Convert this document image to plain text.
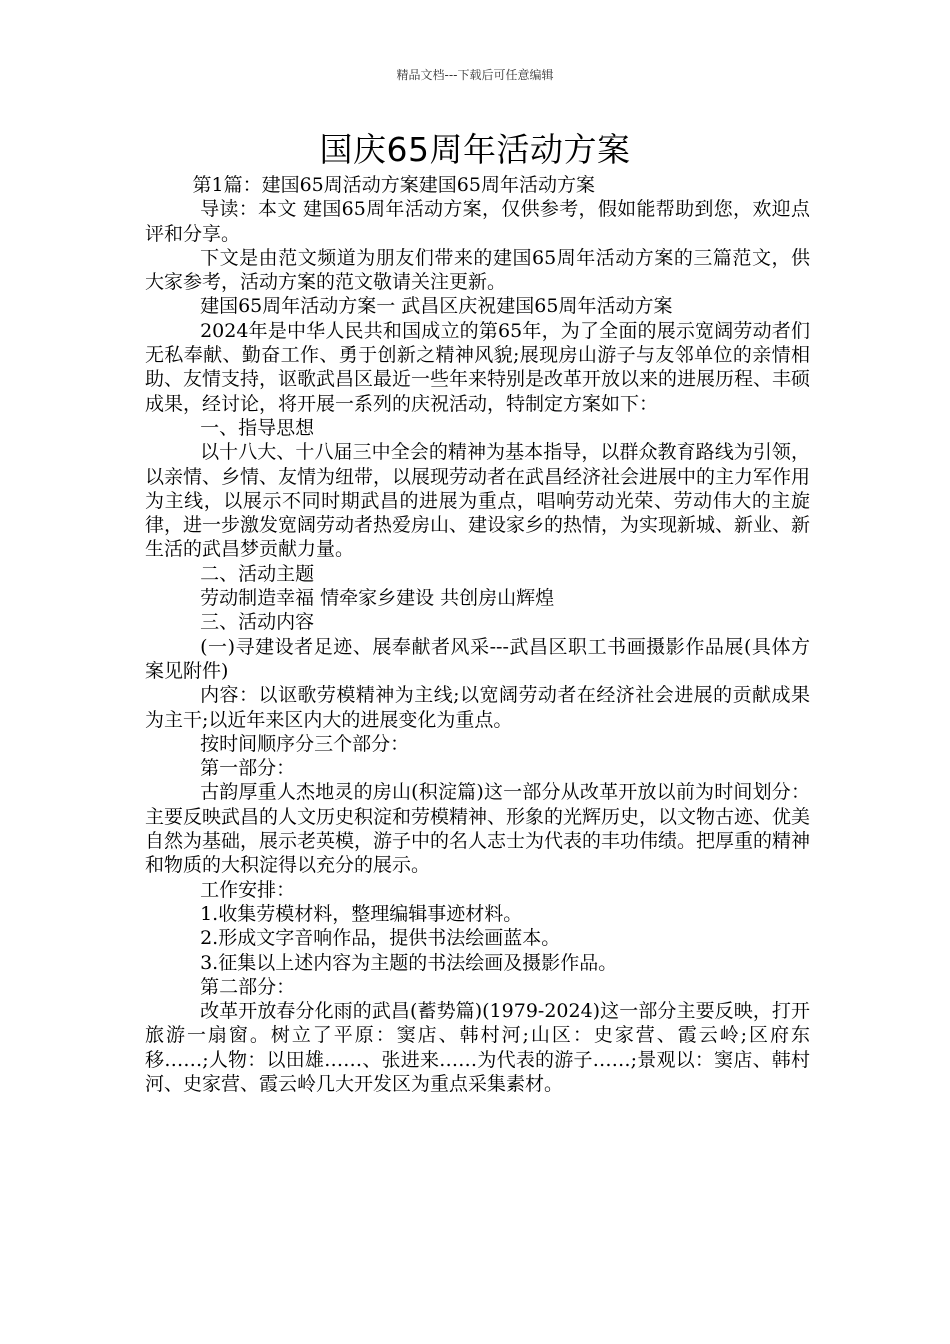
精品文档---下载后可任意编辑
国庆65周年活动方案

第1篇：建国65周活动方案建国65周年活动方案

导读：本文 建国65周年活动方案，仅供参考，假如能帮助到您，欢迎点评和分享。

下文是由范文频道为朋友们带来的建国65周年活动方案的三篇范文，供大家参考，活动方案的范文敬请关注更新。

建国65周年活动方案一 武昌区庆祝建国65周年活动方案

2024年是中华人民共和国成立的第65年，为了全面的展示宽阔劳动者们无私奉献、勤奋工作、勇于创新之精神风貌;展现房山游子与友邻单位的亲情相助、友情支持，讴歌武昌区最近一些年来特别是改革开放以来的进展历程、丰硕成果，经讨论，将开展一系列的庆祝活动，特制定方案如下：

一、指导思想

以十八大、十八届三中全会的精神为基本指导，以群众教育路线为引领，以亲情、乡情、友情为纽带，以展现劳动者在武昌经济社会进展中的主力军作用为主线，以展示不同时期武昌的进展为重点，唱响劳动光荣、劳动伟大的主旋律，进一步激发宽阔劳动者热爱房山、建设家乡的热情，为实现新城、新业、新生活的武昌梦贡献力量。

二、活动主题

劳动制造幸福 情牵家乡建设 共创房山辉煌

三、活动内容

(一)寻建设者足迹、展奉献者风采---武昌区职工书画摄影作品展(具体方案见附件)

内容：以讴歌劳模精神为主线;以宽阔劳动者在经济社会进展的贡献成果为主干;以近年来区内大的进展变化为重点。

按时间顺序分三个部分：

第一部分：

古韵厚重人杰地灵的房山(积淀篇)这一部分从改革开放以前为时间划分：主要反映武昌的人文历史积淀和劳模精神、形象的光辉历史，以文物古迹、优美自然为基础，展示老英模，游子中的名人志士为代表的丰功伟绩。把厚重的精神和物质的大积淀得以充分的展示。

工作安排：

1.收集劳模材料，整理编辑事迹材料。

2.形成文字音响作品，提供书法绘画蓝本。

3.征集以上述内容为主题的书法绘画及摄影作品。

第二部分：

改革开放春分化雨的武昌(蓄势篇)(1979-2024)这一部分主要反映，打开旅游一扇窗。树立了平原：窦店、韩村河;山区：史家营、霞云岭;区府东移……;人物：以田雄……、张进来……为代表的游子……;景观以：窦店、韩村河、史家营、霞云岭几大开发区为重点采集素材。
